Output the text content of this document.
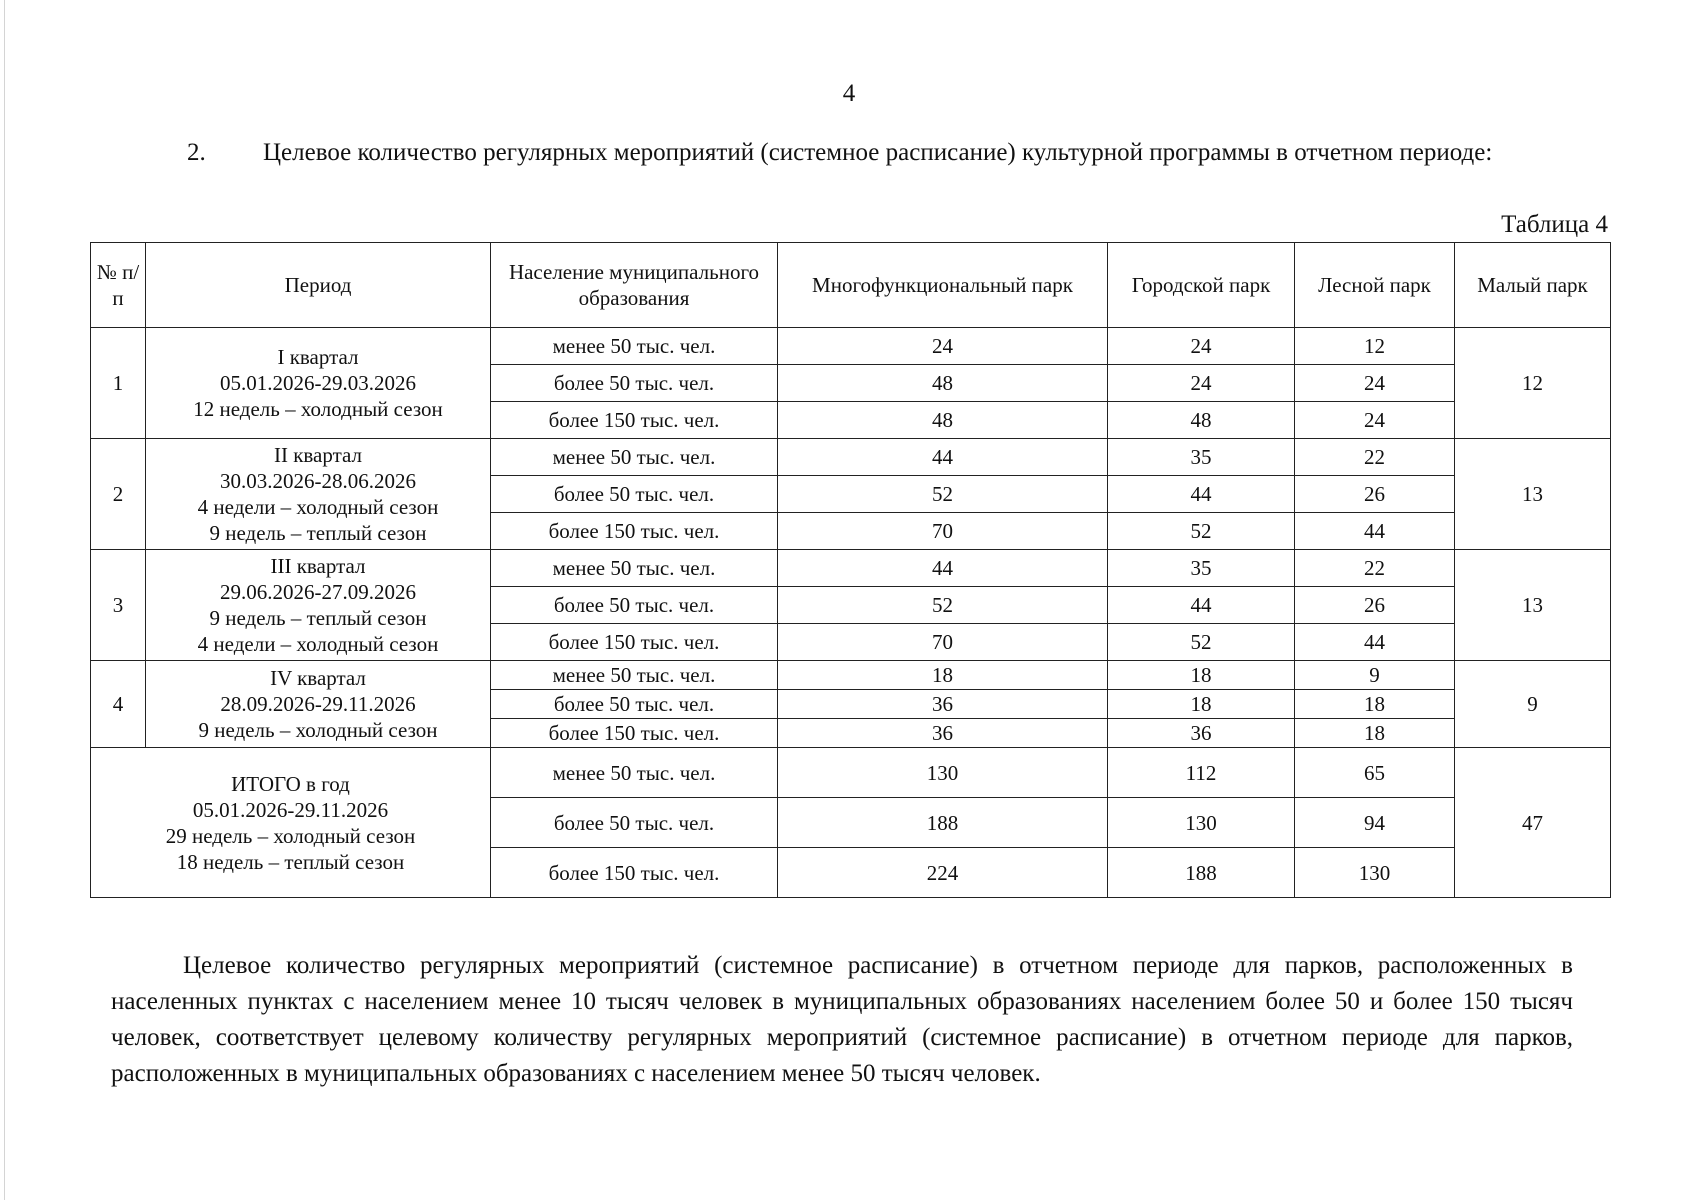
4
2. Целевое количество регулярных мероприятий (системное расписание) культурной программы в отчетном периоде:
Таблица 4
№ п/п	Период	Население муниципального образования	Многофункциональный парк	Городской парк	Лесной парк	Малый парк
1	I квартал
05.01.2026-29.03.2026
12 недель – холодный сезон	менее 50 тыс. чел.	24	24	12	12
		более 50 тыс. чел.	48	24	24	
		более 150 тыс. чел.	48	48	24	
2	II квартал
30.03.2026-28.06.2026
4 недели – холодный сезон
9 недель – теплый сезон	менее 50 тыс. чел.	44	35	22	13
		более 50 тыс. чел.	52	44	26	
		более 150 тыс. чел.	70	52	44	
3	III квартал
29.06.2026-27.09.2026
9 недель – теплый сезон
4 недели – холодный сезон	менее 50 тыс. чел.	44	35	22	13
		более 50 тыс. чел.	52	44	26	
		более 150 тыс. чел.	70	52	44	
4	IV квартал
28.09.2026-29.11.2026
9 недель – холодный сезон	менее 50 тыс. чел.	18	18	9	9
		более 50 тыс. чел.	36	18	18	
		более 150 тыс. чел.	36	36	18	

ИТОГО в год
05.01.2026-29.11.2026
29 недель – холодный сезон
18 недель – теплый сезон		менее 50 тыс. чел.	130	112	65	47
		более 50 тыс. чел.	188	130	94	
		более 150 тыс. чел.	224	188	130	
Целевое количество регулярных мероприятий (системное расписание) в отчетном периоде для парков, расположенных в населенных пунктах с населением менее 10 тысяч человек в муниципальных образованиях населением более 50 и более 150 тысяч человек, соответствует целевому количеству регулярных мероприятий (системное расписание) в отчетном периоде для парков, расположенных в муниципальных образованиях с населением менее 50 тысяч человек.
